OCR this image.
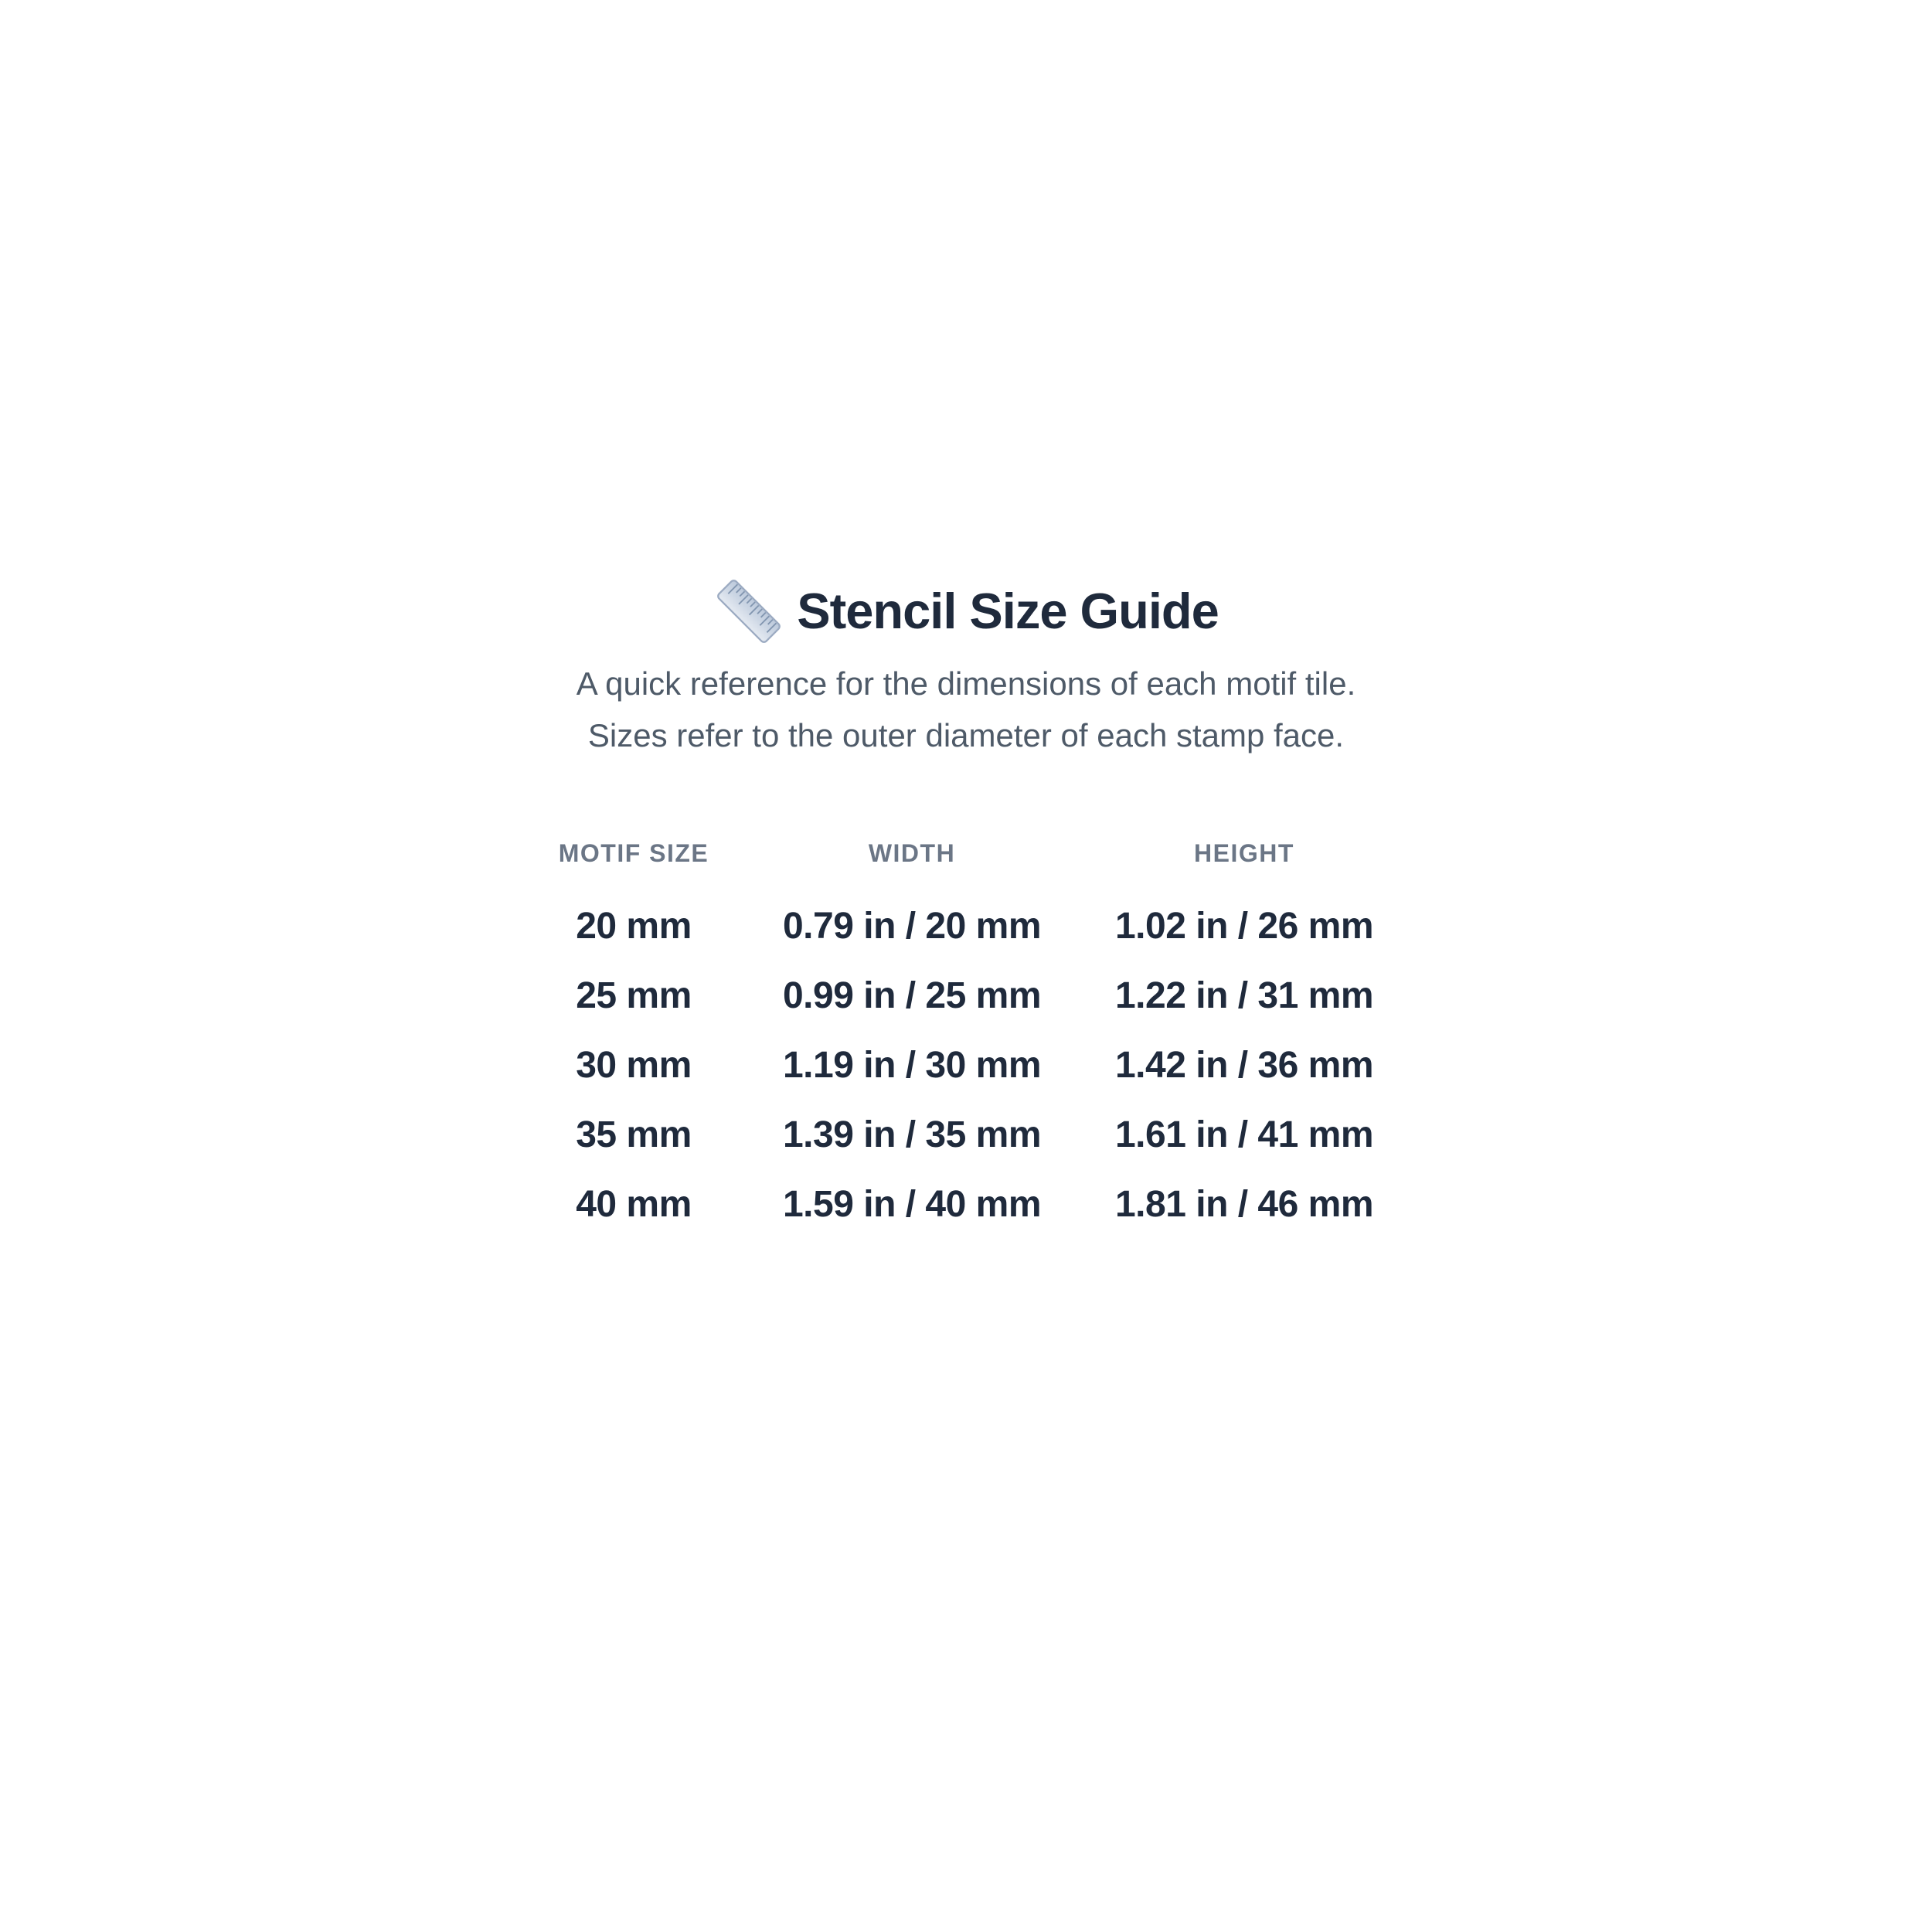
Stencil Size Guide
A quick reference for the dimensions of each motif tile.
Sizes refer to the outer diameter of each stamp face.
MOTIF SIZE	WIDTH	HEIGHT
20 mm	0.79 in / 20 mm	1.02 in / 26 mm
25 mm	0.99 in / 25 mm	1.22 in / 31 mm
30 mm	1.19 in / 30 mm	1.42 in / 36 mm
35 mm	1.39 in / 35 mm	1.61 in / 41 mm
40 mm	1.59 in / 40 mm	1.81 in / 46 mm
